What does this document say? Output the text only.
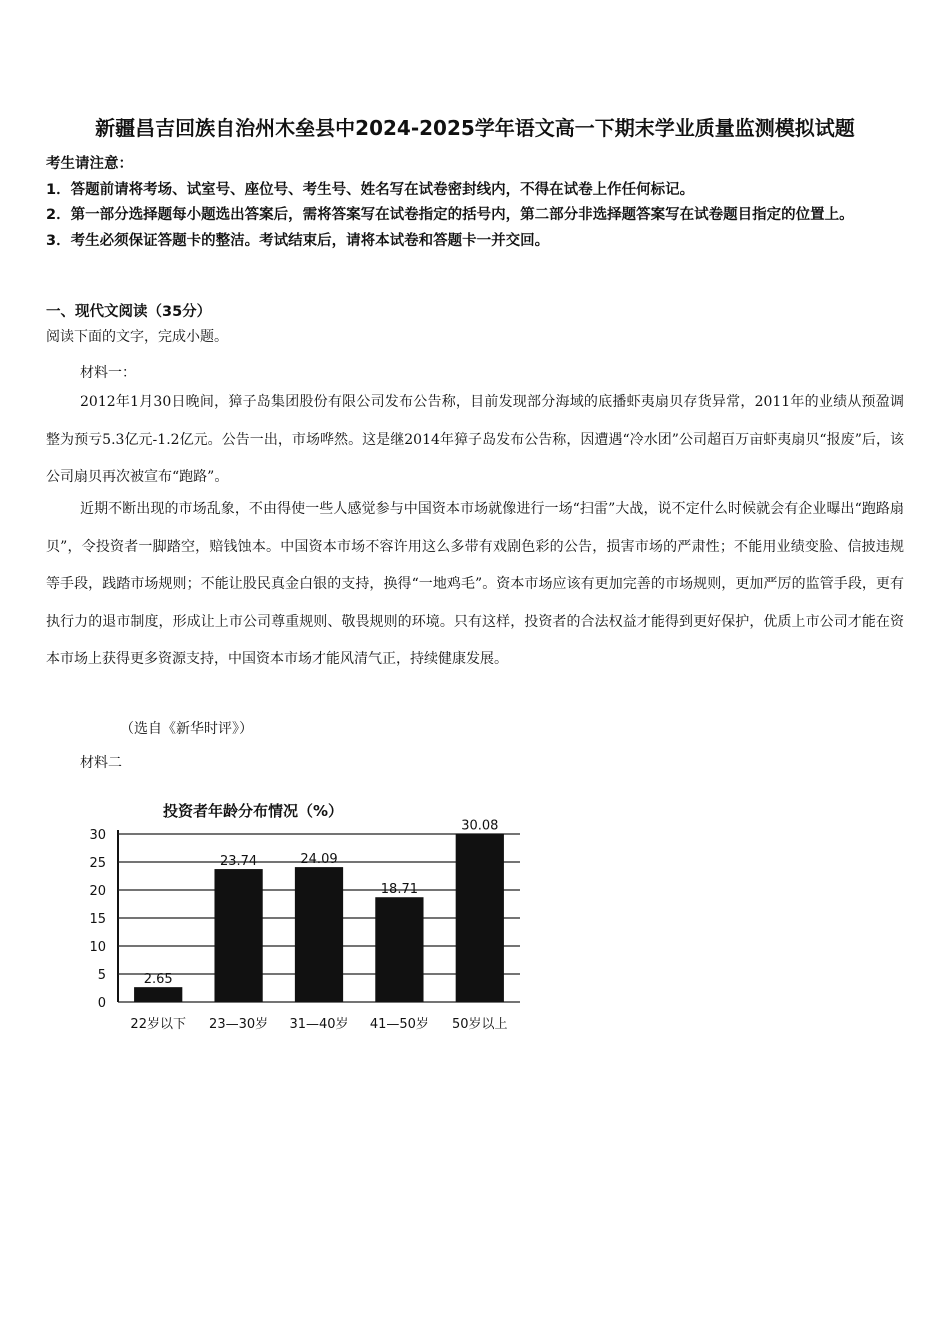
新疆昌吉回族自治州木垒县中2024-2025学年语文高一下期末学业质量监测模拟试题
考生请注意：
1．答题前请将考场、试室号、座位号、考生号、姓名写在试卷密封线内，不得在试卷上作任何标记。
2．第一部分选择题每小题选出答案后，需将答案写在试卷指定的括号内，第二部分非选择题答案写在试卷题目指定的位置上。
3．考生必须保证答题卡的整洁。考试结束后，请将本试卷和答题卡一并交回。
一、现代文阅读（35分）
阅读下面的文字，完成小题。
材料一：
2012年1月30日晚间，獐子岛集团股份有限公司发布公告称，目前发现部分海域的底播虾夷扇贝存货异常，2011年的业绩从预盈调整为预亏5.3亿元-1.2亿元。公告一出，市场哗然。这是继2014年獐子岛发布公告称，因遭遇“冷水团”公司超百万亩虾夷扇贝“报废”后，该公司扇贝再次被宣布“跑路”。
近期不断出现的市场乱象，不由得使一些人感觉参与中国资本市场就像进行一场“扫雷”大战，说不定什么时候就会有企业曝出“跑路扇贝”，令投资者一脚踏空，赔钱蚀本。中国资本市场不容许用这么多带有戏剧色彩的公告，损害市场的严肃性；不能用业绩变脸、信披违规等手段，践踏市场规则；不能让股民真金白银的支持，换得“一地鸡毛”。资本市场应该有更加完善的市场规则，更加严厉的监管手段，更有执行力的退市制度，形成让上市公司尊重规则、敬畏规则的环境。只有这样，投资者的合法权益才能得到更好保护，优质上市公司才能在资本市场上获得更多资源支持，中国资本市场才能风清气正，持续健康发展。
（选自《新华时评》）
材料二
投资者年龄分布情况（%）
0
5
10
15
20
25
30
2.65
23.74	24.09
18.71
30.08
22岁以下 23—30岁 31—40岁 41—50岁 50岁以上
